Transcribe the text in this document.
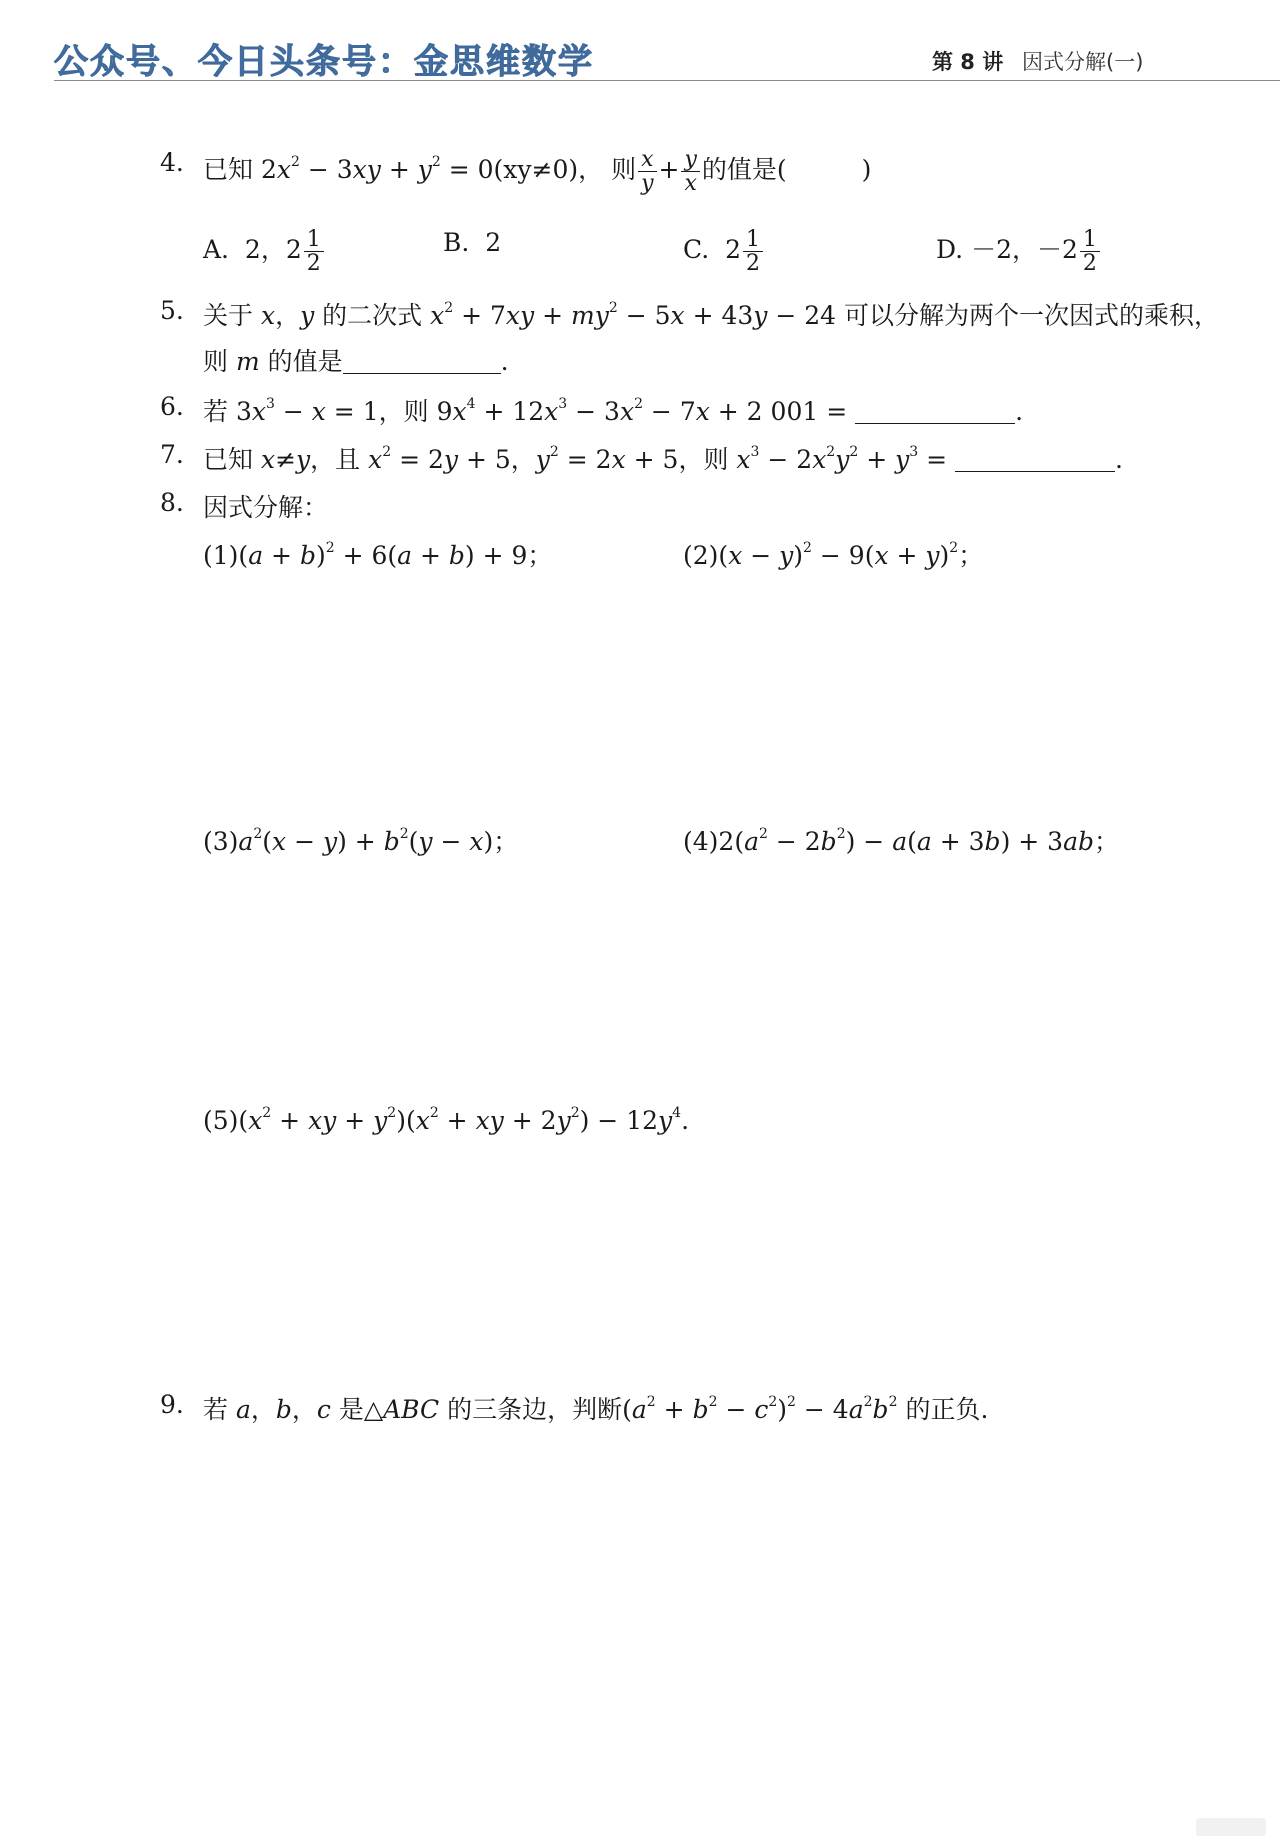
公众号、今日头条号：金思维数学	第 8 讲 因式分解(一)
4. 已知 $2x^2 - 3xy + y^2 = 0(xy\ne 0)$， 则 $\frac{x}{y} + \frac{y}{x}$ 的值是(　　　)
A. 2，$2 \frac{1}{2}$	B. 2	C. $2 \frac{1}{2}$	D. －2，$-2 \frac{1}{2}$
5. 关于 x，y 的二次式 $x^2 + 7xy + my^2 - 5x + 43y - 24$ 可以分解为两个一次因式的乘积，
则 m 的值是	.
6. 若 $3x^3 - x = 1$，则 $9x^4 + 12x^3 - 3x^2 - 7x + 2$ 001 =	.
7. 已知 x≠y，且 $x^2 = 2y + 5$，$y^2 = 2x + 5$，则 $x^3 - 2x^2y^2 + y^3$ =	.
8. 因式分解：
$(1)(a + b)^2 + 6(a + b) + 9$；	$(2)(x - y)^2 - 9(x + y)^2$；
$(3)a^2(x - y) + b^2(y - x)$；	$(4)2(a^2 - 2b^2) - a(a + 3b) + 3ab$；
$(5)(x^2$ + xy + $y^2)(x^2$ + xy + $2y^2) - 12y^4$.
9. 若 a，b，c 是△ABC 的三条边，判断$(a^2 + b^2 - c^2)^2 - 4a^2b^2$ 的正负.
